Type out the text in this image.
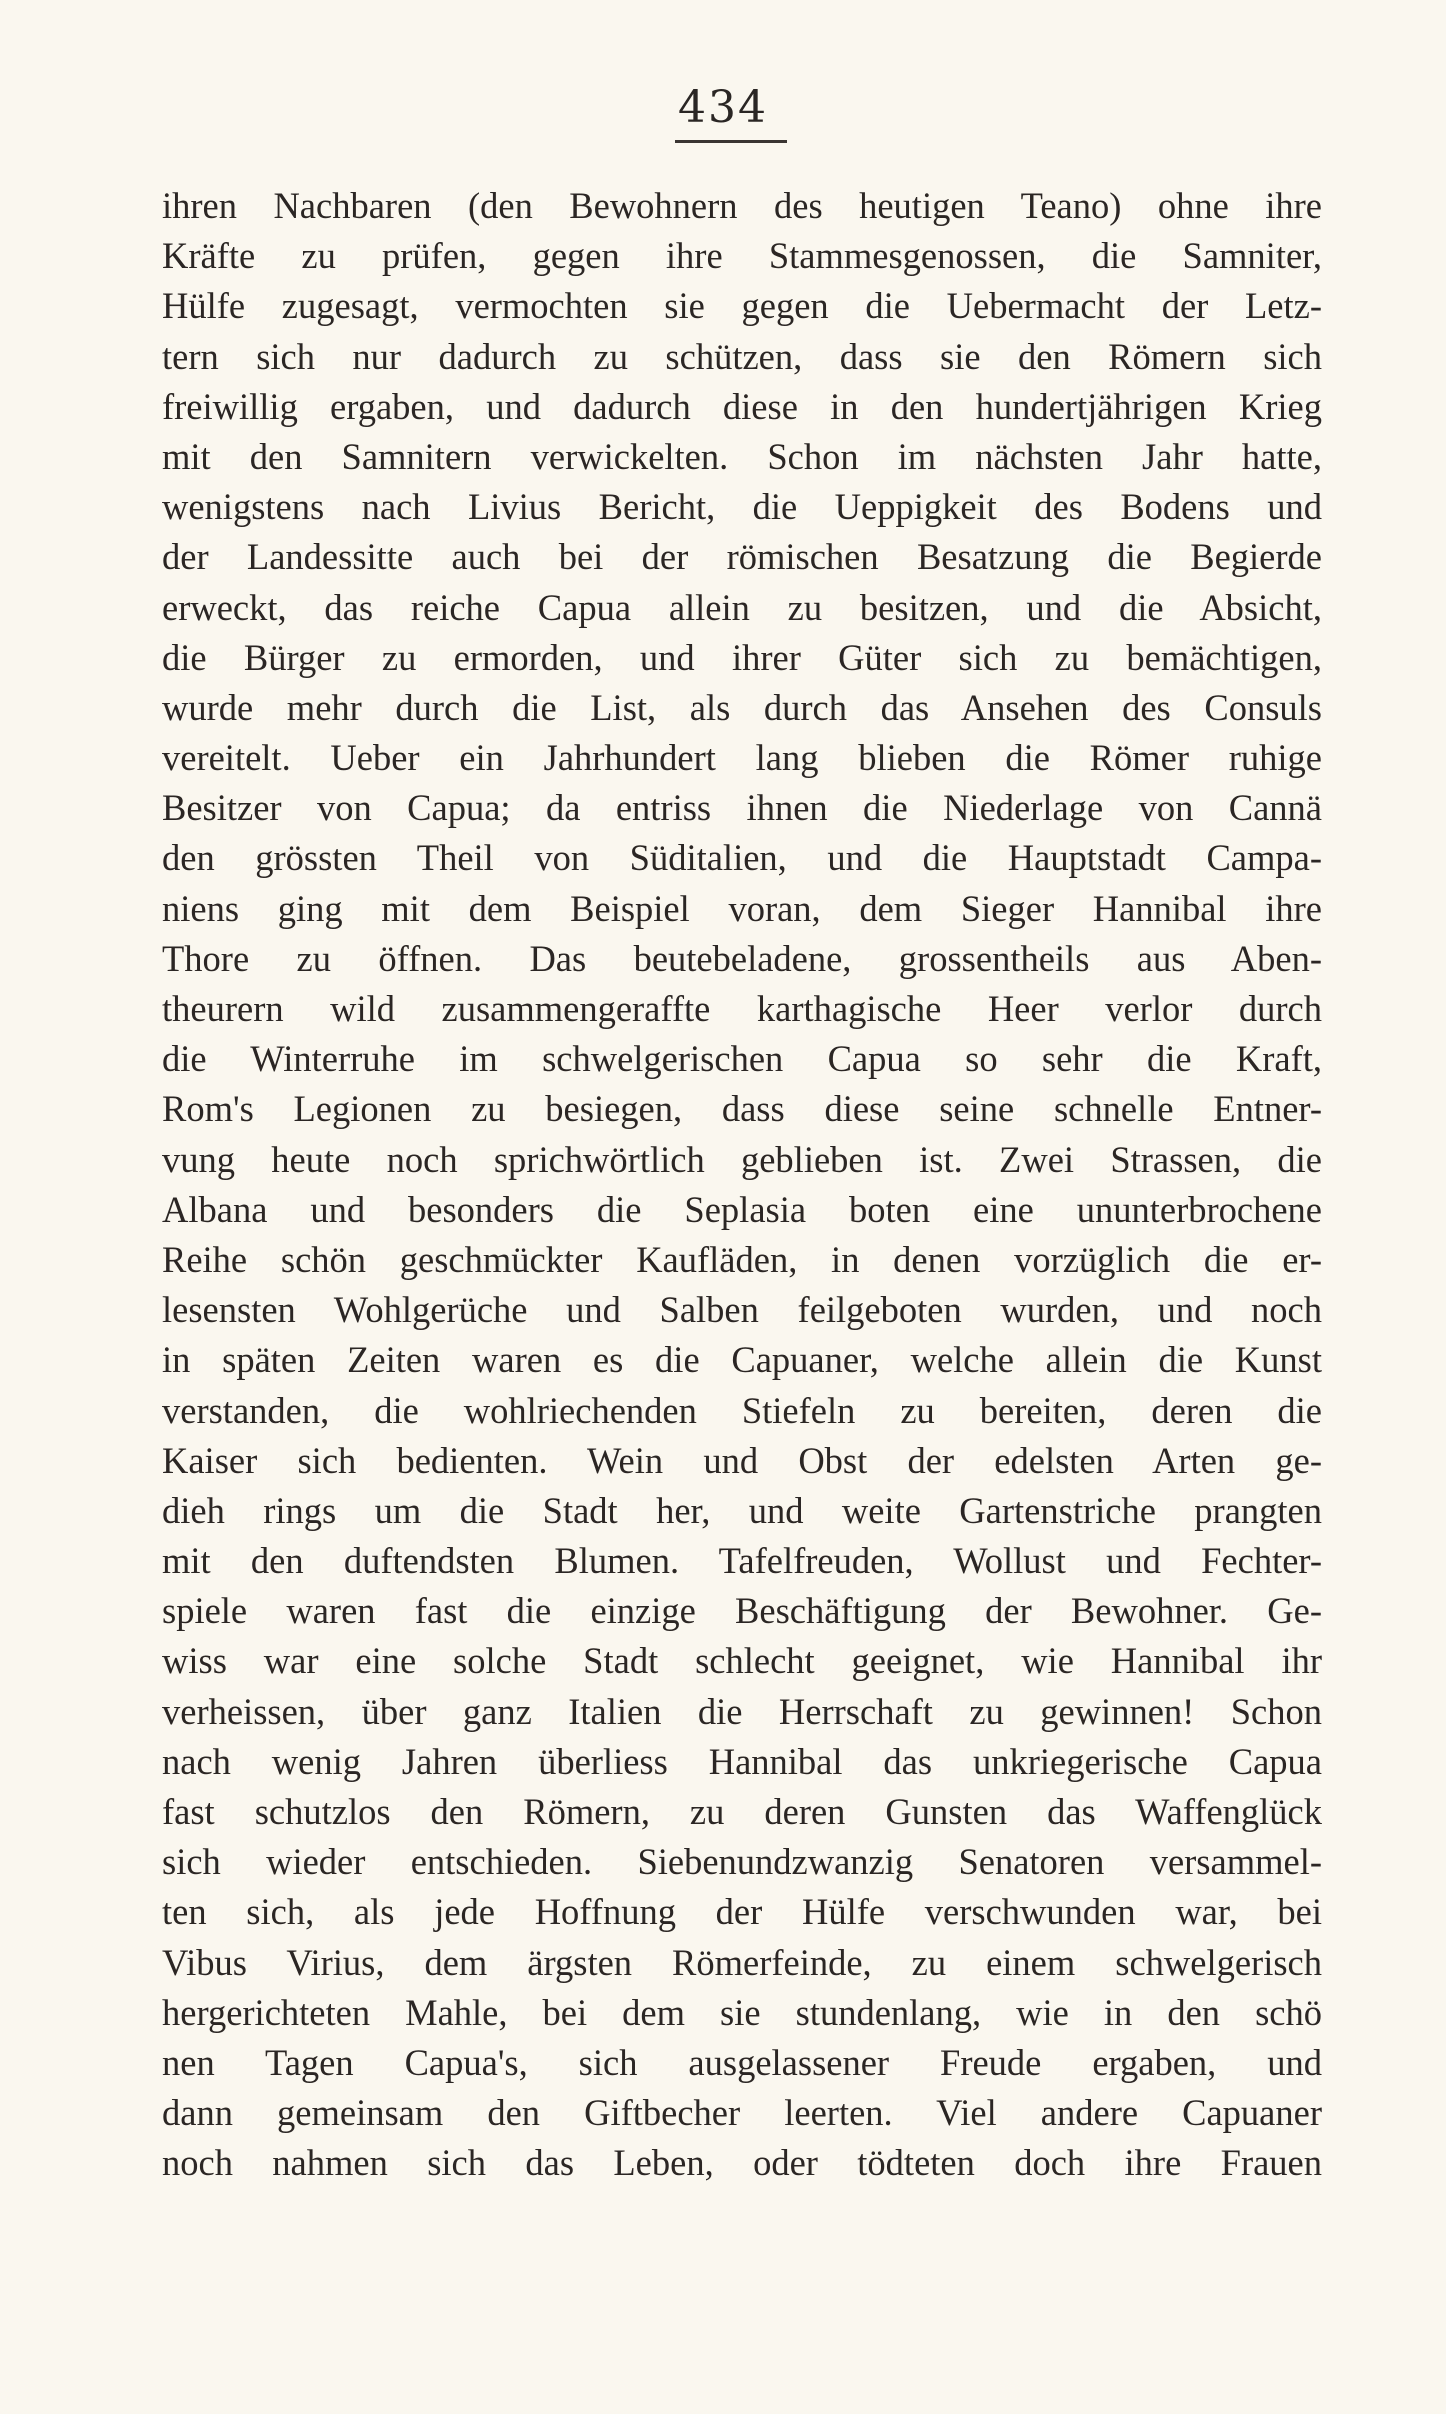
434
ihren Nachbaren (den Bewohnern des heutigen Teano) ohne ihre
Kräfte zu prüfen, gegen ihre Stammesgenossen, die Samniter,
Hülfe zugesagt, vermochten sie gegen die Uebermacht der Letz-
tern sich nur dadurch zu schützen, dass sie den Römern sich
freiwillig ergaben, und dadurch diese in den hundertjährigen Krieg
mit den Samnitern verwickelten. Schon im nächsten Jahr hatte,
wenigstens nach Livius Bericht, die Ueppigkeit des Bodens und
der Landessitte auch bei der römischen Besatzung die Begierde
erweckt, das reiche Capua allein zu besitzen, und die Absicht,
die Bürger zu ermorden, und ihrer Güter sich zu bemächtigen,
wurde mehr durch die List, als durch das Ansehen des Consuls
vereitelt. Ueber ein Jahrhundert lang blieben die Römer ruhige
Besitzer von Capua; da entriss ihnen die Niederlage von Cannä
den grössten Theil von Süditalien, und die Hauptstadt Campa-
niens ging mit dem Beispiel voran, dem Sieger Hannibal ihre
Thore zu öffnen. Das beutebeladene, grossentheils aus Aben-
theurern wild zusammengeraffte karthagische Heer verlor durch
die Winterruhe im schwelgerischen Capua so sehr die Kraft,
Rom's Legionen zu besiegen, dass diese seine schnelle Entner-
vung heute noch sprichwörtlich geblieben ist. Zwei Strassen, die
Albana und besonders die Seplasia boten eine ununterbrochene
Reihe schön geschmückter Kaufläden, in denen vorzüglich die er-
lesensten Wohlgerüche und Salben feilgeboten wurden, und noch
in späten Zeiten waren es die Capuaner, welche allein die Kunst
verstanden, die wohlriechenden Stiefeln zu bereiten, deren die
Kaiser sich bedienten. Wein und Obst der edelsten Arten ge-
dieh rings um die Stadt her, und weite Gartenstriche prangten
mit den duftendsten Blumen. Tafelfreuden, Wollust und Fechter-
spiele waren fast die einzige Beschäftigung der Bewohner. Ge-
wiss war eine solche Stadt schlecht geeignet, wie Hannibal ihr
verheissen, über ganz Italien die Herrschaft zu gewinnen! Schon
nach wenig Jahren überliess Hannibal das unkriegerische Capua
fast schutzlos den Römern, zu deren Gunsten das Waffenglück
sich wieder entschieden. Siebenundzwanzig Senatoren versammel-
ten sich, als jede Hoffnung der Hülfe verschwunden war, bei
Vibus Virius, dem ärgsten Römerfeinde, zu einem schwelgerisch
hergerichteten Mahle, bei dem sie stundenlang, wie in den schö
nen Tagen Capua's, sich ausgelassener Freude ergaben, und
dann gemeinsam den Giftbecher leerten. Viel andere Capuaner
noch nahmen sich das Leben, oder tödteten doch ihre Frauen
